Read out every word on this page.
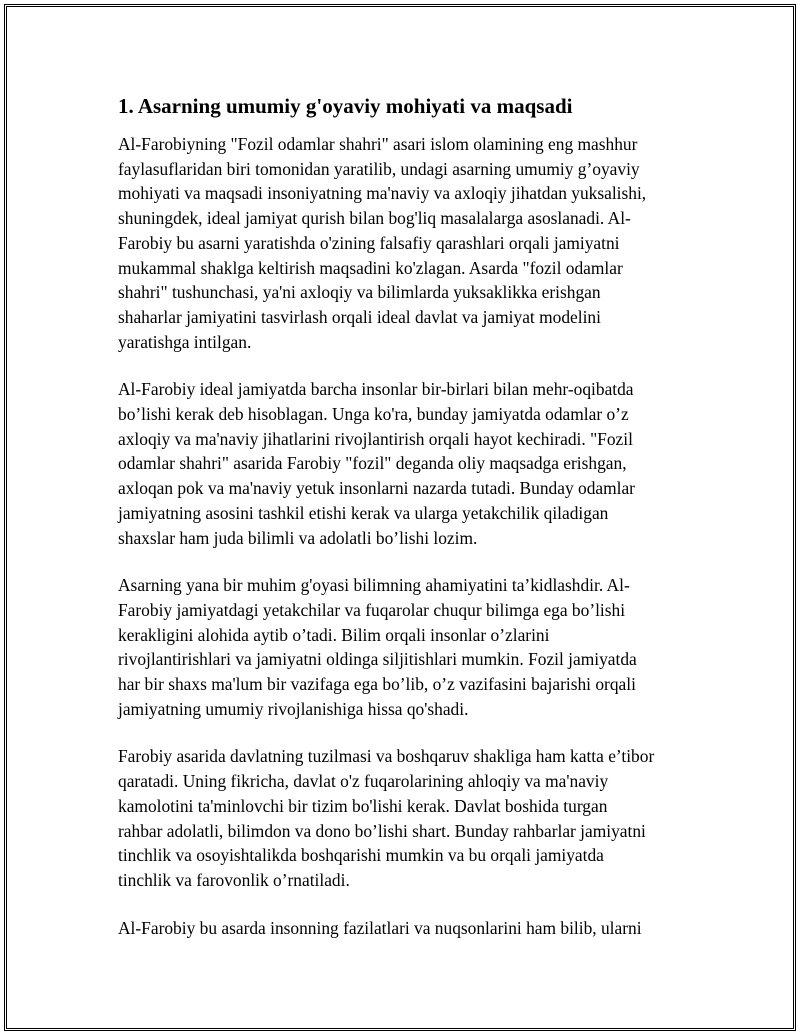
1. Asarning umumiy g'oyaviy mohiyati va maqsadi

Al-Farobiyning "Fozil odamlar shahri" asari islom olamining eng mashhur
faylasuflaridan biri tomonidan yaratilib, undagi asarning umumiy g’oyaviy
mohiyati va maqsadi insoniyatning ma'naviy va axloqiy jihatdan yuksalishi,
shuningdek, ideal jamiyat qurish bilan bog'liq masalalarga asoslanadi. Al-
Farobiy bu asarni yaratishda o'zining falsafiy qarashlari orqali jamiyatni
mukammal shaklga keltirish maqsadini ko'zlagan. Asarda "fozil odamlar
shahri" tushunchasi, ya'ni axloqiy va bilimlarda yuksaklikka erishgan
shaharlar jamiyatini tasvirlash orqali ideal davlat va jamiyat modelini
yaratishga intilgan.

Al-Farobiy ideal jamiyatda barcha insonlar bir-birlari bilan mehr-oqibatda
bo’lishi kerak deb hisoblagan. Unga ko'ra, bunday jamiyatda odamlar o’z
axloqiy va ma'naviy jihatlarini rivojlantirish orqali hayot kechiradi. "Fozil
odamlar shahri" asarida Farobiy "fozil" deganda oliy maqsadga erishgan,
axloqan pok va ma'naviy yetuk insonlarni nazarda tutadi. Bunday odamlar
jamiyatning asosini tashkil etishi kerak va ularga yetakchilik qiladigan
shaxslar ham juda bilimli va adolatli bo’lishi lozim.

Asarning yana bir muhim g'oyasi bilimning ahamiyatini ta’kidlashdir. Al-
Farobiy jamiyatdagi yetakchilar va fuqarolar chuqur bilimga ega bo’lishi
kerakligini alohida aytib o’tadi. Bilim orqali insonlar o’zlarini
rivojlantirishlari va jamiyatni oldinga siljitishlari mumkin. Fozil jamiyatda
har bir shaxs ma'lum bir vazifaga ega bo’lib, o’z vazifasini bajarishi orqali
jamiyatning umumiy rivojlanishiga hissa qo'shadi.

Farobiy asarida davlatning tuzilmasi va boshqaruv shakliga ham katta e’tibor
qaratadi. Uning fikricha, davlat o'z fuqarolarining ahloqiy va ma'naviy
kamolotini ta'minlovchi bir tizim bo'lishi kerak. Davlat boshida turgan
rahbar adolatli, bilimdon va dono bo’lishi shart. Bunday rahbarlar jamiyatni
tinchlik va osoyishtalikda boshqarishi mumkin va bu orqali jamiyatda
tinchlik va farovonlik o’rnatiladi.

Al-Farobiy bu asarda insonning fazilatlari va nuqsonlarini ham bilib, ularni
